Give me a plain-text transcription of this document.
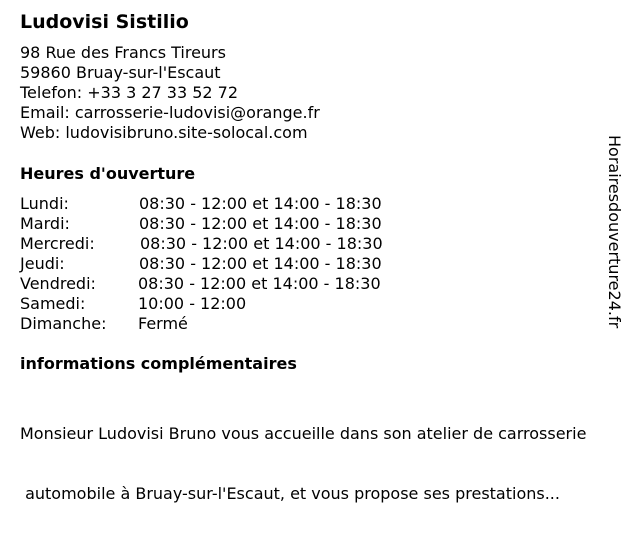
Ludovisi Sistilio
98 Rue des Francs Tireurs
59860 Bruay-sur-l'Escaut
Telefon: +33 3 27 33 52 72
Email: carrosserie-ludovisi@orange.fr
Web: ludovisibruno.site-solocal.com
Heures d'ouverture
Lundi:	08:30 - 12:00 et 14:00 - 18:30
Mardi:	08:30 - 12:00 et 14:00 - 18:30
Mercredi:	08:30 - 12:00 et 14:00 - 18:30
Jeudi:	08:30 - 12:00 et 14:00 - 18:30
Vendredi:	08:30 - 12:00 et 14:00 - 18:30
Samedi:	10:00 - 12:00
Dimanche: Fermé
informations complémentaires

Monsieur Ludovisi Bruno vous accueille dans son atelier de carrosserie

automobile à Bruay-sur-l'Escaut, et vous propose ses prestations...

Horairesdouverture24.fr
